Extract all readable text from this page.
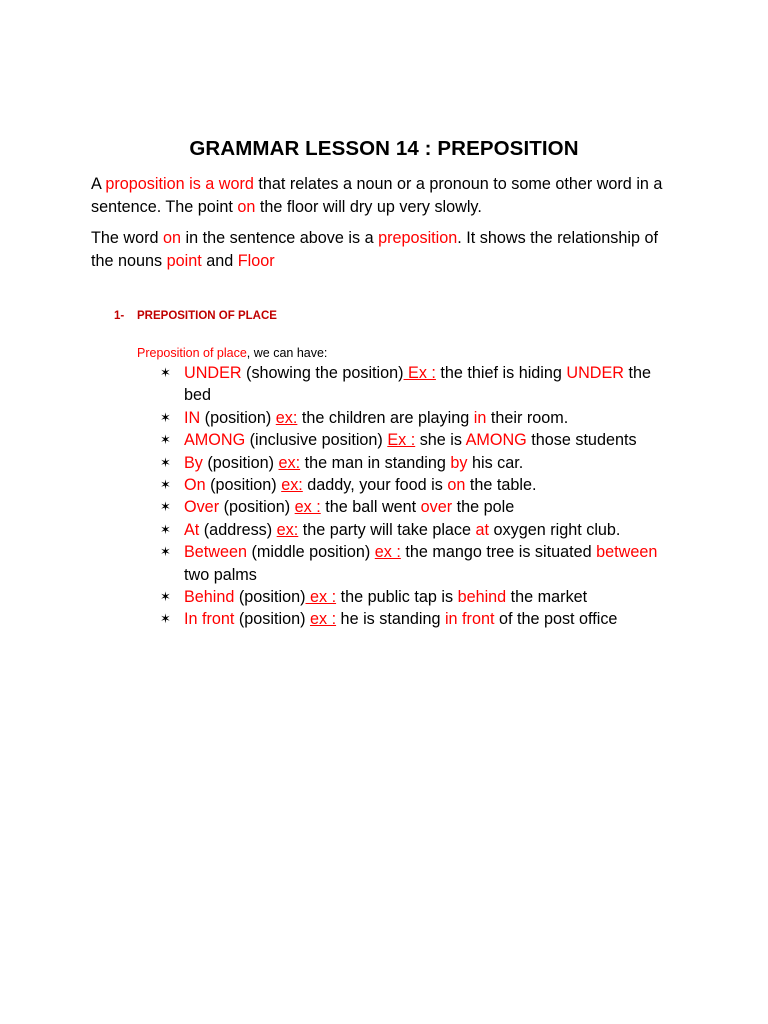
GRAMMAR LESSON 14 : PREPOSITION

A proposition is a word that relates a noun or a pronoun to some other word in a sentence. The point on the floor will dry up very slowly.

The word on in the sentence above is a preposition. It shows the relationship of the nouns point and Floor

1- PREPOSITION OF PLACE

Preposition of place, we can have:

✶ UNDER (showing the position) Ex : the thief is hiding UNDER the bed
✶ IN (position) ex: the children are playing in their room.
✶ AMONG (inclusive position) Ex : she is AMONG those students
✶ By (position) ex: the man in standing by his car.
✶ On (position) ex: daddy, your food is on the table.
✶ Over (position) ex : the ball went over the pole
✶ At (address) ex: the party will take place at oxygen right club.
✶ Between (middle position) ex : the mango tree is situated between two palms
✶ Behind (position) ex : the public tap is behind the market
✶ In front (position) ex : he is standing in front of the post office
